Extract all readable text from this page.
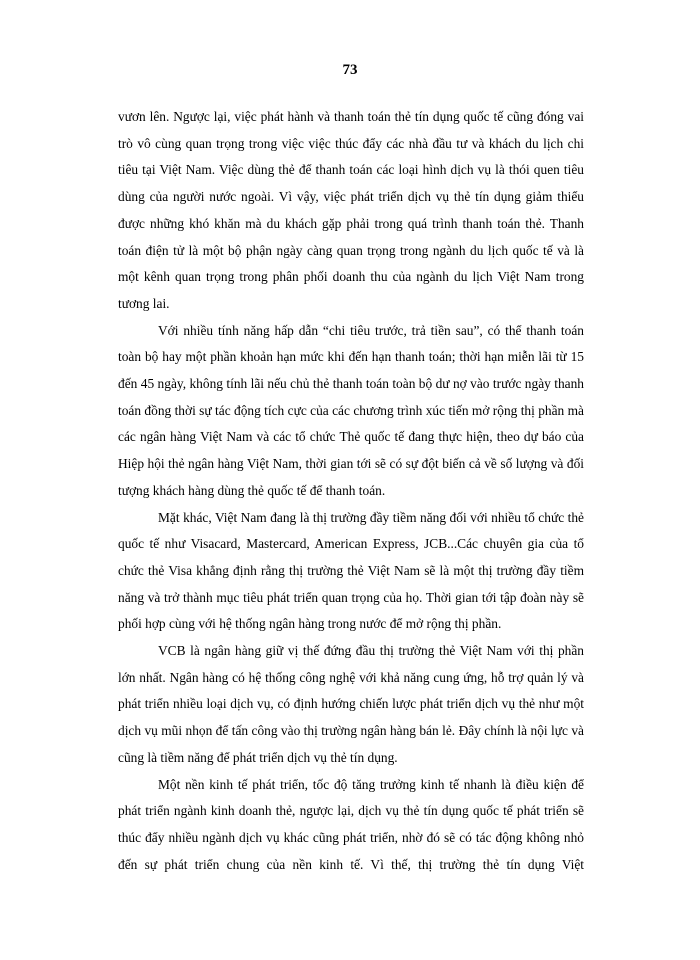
73

vươn lên. Ngược lại, việc phát hành và thanh toán thẻ tín dụng quốc tế cũng đóng vai trò vô cùng quan trọng trong việc việc thúc đẩy các nhà đầu tư và khách du lịch chi tiêu tại Việt Nam. Việc dùng thẻ để thanh toán các loại hình dịch vụ là thói quen tiêu dùng của người nước ngoài. Vì vậy, việc phát triển dịch vụ thẻ tín dụng giảm thiểu được những khó khăn mà du khách gặp phải trong quá trình thanh toán thẻ. Thanh toán điện tử là một bộ phận ngày càng quan trọng trong ngành du lịch quốc tế và là một kênh quan trọng trong phân phối doanh thu của ngành du lịch Việt Nam trong tương lai.

Với nhiều tính năng hấp dẫn “chi tiêu trước, trả tiền sau”, có thể thanh toán toàn bộ hay một phần khoản hạn mức khi đến hạn thanh toán; thời hạn miễn lãi từ 15 đến 45 ngày, không tính lãi nếu chủ thẻ thanh toán toàn bộ dư nợ vào trước ngày thanh toán đồng thời sự tác động tích cực của các chương trình xúc tiến mở rộng thị phần mà các ngân hàng Việt Nam và các tổ chức Thẻ quốc tế đang thực hiện, theo dự báo của Hiệp hội thẻ ngân hàng Việt Nam, thời gian tới sẽ có sự đột biến cả về số lượng và đối tượng khách hàng dùng thẻ quốc tế để thanh toán.

Mặt khác, Việt Nam đang là thị trường đầy tiềm năng đối với nhiều tổ chức thẻ quốc tế như Visacard, Mastercard, American Express, JCB...Các chuyên gia của tổ chức thẻ Visa khẳng định rằng thị trường thẻ Việt Nam sẽ là một thị trường đầy tiềm năng và trở thành mục tiêu phát triển quan trọng của họ. Thời gian tới tập đoàn này sẽ phối hợp cùng với hệ thống ngân hàng trong nước để mở rộng thị phần.

VCB là ngân hàng giữ vị thế đứng đầu thị trường thẻ Việt Nam với thị phần lớn nhất. Ngân hàng có hệ thống công nghệ với khả năng cung ứng, hỗ trợ quản lý và phát triển nhiều loại dịch vụ, có định hướng chiến lược phát triển dịch vụ thẻ như một dịch vụ mũi nhọn để tấn công vào thị trường ngân hàng bán lẻ. Đây chính là nội lực và cũng là tiềm năng để phát triển dịch vụ thẻ tín dụng.

Một nền kinh tế phát triển, tốc độ tăng trưởng kinh tế nhanh là điều kiện để phát triển ngành kinh doanh thẻ, ngược lại, dịch vụ thẻ tín dụng quốc tế phát triển sẽ thúc đẩy nhiều ngành dịch vụ khác cũng phát triển, nhờ đó sẽ có tác động không nhỏ đến sự phát triển chung của nền kinh tế. Vì thế, thị trường thẻ tín dụng Việt
